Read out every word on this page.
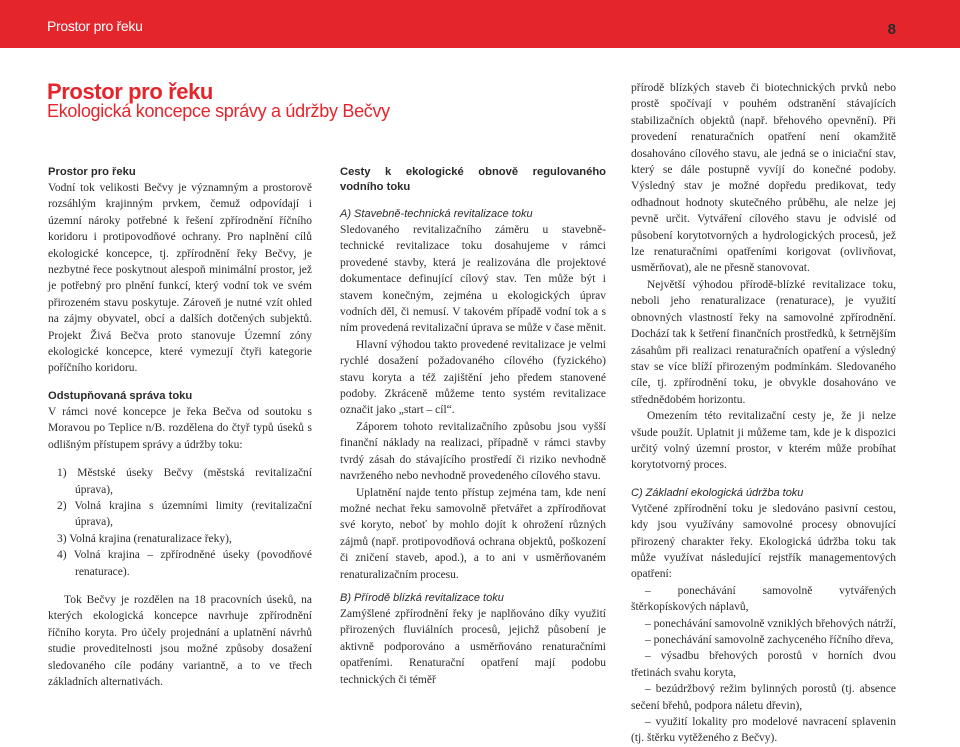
Prostor pro řeku	8
Prostor pro řeku
Ekologická koncepce správy a údržby Bečvy
Prostor pro řeku

Vodní tok velikosti Bečvy je významným a prostorově rozsáhlým krajinným prvkem, čemuž odpovídají i územní nároky potřebné k řešení zpřírodnění říčního koridoru i protipovodňové ochrany. Pro naplnění cílů ekologické koncepce, tj. zpřírodnění řeky Bečvy, je nezbytné řece poskytnout alespoň minimální prostor, jež je potřebný pro plnění funkcí, který vodní tok ve svém přirozeném stavu poskytuje. Zároveň je nutné vzít ohled na zájmy obyvatel, obcí a dalších dotčených subjektů. Projekt Živá Bečva proto stanovuje Územní zóny ekologické koncepce, které vymezují čtyři kategorie poříčního koridoru.

Odstupňovaná správa toku

V rámci nové koncepce je řeka Bečva od soutoku s Moravou po Teplice n/B. rozdělena do čtyř typů úseků s odlišným přístupem správy a údržby toku:

1) Městské úseky Bečvy (městská revitalizační úprava),
2) Volná krajina s územními limity (revitalizační úprava),
3) Volná krajina (renaturalizace řeky),
4) Volná krajina – zpřírodněné úseky (povodňové renaturace).

Tok Bečvy je rozdělen na 18 pracovních úseků, na kterých ekologická koncepce navrhuje zpřírodnění říčního koryta. Pro účely projednání a uplatnění návrhů studie proveditelnosti jsou možné způsoby dosažení sledovaného cíle podány variantně, a to ve třech základních alternativách.

Cesty k ekologické obnově regulovaného vodního toku
A) Stavebně-technická revitalizace toku

Sledovaného revitalizačního záměru u stavebně-technické revitalizace toku dosahujeme v rámci provedené stavby, která je realizována dle projektové dokumentace definující cílový stav. Ten může být i stavem konečným, zejména u ekologických úprav vodních děl, či nemusí. V takovém případě vodní tok a s ním provedená revitalizační úprava se může v čase měnit.

Hlavní výhodou takto provedené revitalizace je velmi rychlé dosažení požadovaného cílového (fyzického) stavu koryta a též zajištění jeho předem stanovené podoby. Zkráceně můžeme tento systém revitalizace označit jako „start – cíl“.

Záporem tohoto revitalizačního způsobu jsou vyšší finanční náklady na realizaci, případně v rámci stavby tvrdý zásah do stávajícího prostředí či riziko nevhodně navrženého nebo nevhodně provedeného cílového stavu.

Uplatnění najde tento přístup zejména tam, kde není možné nechat řeku samovolně přetvářet a zpřírodňovat své koryto, neboť by mohlo dojít k ohrožení různých zájmů (např. protipovodňová ochrana objektů, poškození či zničení staveb, apod.), a to ani v usměrňovaném renaturalizačním procesu.

B) Přírodě blízká revitalizace toku

Zamýšlené zpřírodnění řeky je naplňováno díky využití přirozených fluviálních procesů, jejichž působení je aktivně podporováno a usměrňováno renaturačními opatřeními. Renaturační opatření mají podobu technických či téměř

přírodě blízkých staveb či biotechnických prvků nebo prostě spočívají v pouhém odstranění stávajících stabilizačních objektů (např. břehového opevnění). Při provedení renaturačních opatření není okamžitě dosahováno cílového stavu, ale jedná se o iniciační stav, který se dále postupně vyvíjí do konečné podoby. Výsledný stav je možné dopředu predikovat, tedy odhadnout hodnoty skutečného průběhu, ale nelze jej pevně určit. Vytváření cílového stavu je odvislé od působení korytotvorných a hydrologických procesů, jež lze renaturačními opatřeními korigovat (ovlivňovat, usměrňovat), ale ne přesně stanovovat.

Největší výhodou přírodě-blízké revitalizace toku, neboli jeho renaturalizace (renaturace), je využití obnovných vlastností řeky na samovolné zpřírodnění. Dochází tak k šetření finančních prostředků, k šetrnějším zásahům při realizaci renaturačních opatření a výsledný stav se více blíží přirozeným podmínkám. Sledovaného cíle, tj. zpřírodnění toku, je obvykle dosahováno ve střednědobém horizontu.

Omezením této revitalizační cesty je, že ji nelze všude použít. Uplatnit ji můžeme tam, kde je k dispozici určitý volný územní prostor, v kterém může probíhat korytotvorný proces.

C) Základní ekologická údržba toku

Vytčené zpřírodnění toku je sledováno pasivní cestou, kdy jsou využívány samovolné procesy obnovující přirozený charakter řeky. Ekologická údržba toku tak může využívat následující rejstřík managementových opatření:

– ponechávání samovolně vytvářených štěrkopískových náplavů,
– ponechávání samovolně vzniklých břehových nátrží,
– ponechávání samovolně zachyceného říčního dřeva,
– výsadbu břehových porostů v horních dvou třetinách svahu koryta,
– bezúdržbový režim bylinných porostů (tj. absence sečení břehů, podpora náletu dřevin),
– využití lokality pro modelové navracení splavenin (tj. štěrku vytěženého z Bečvy).
